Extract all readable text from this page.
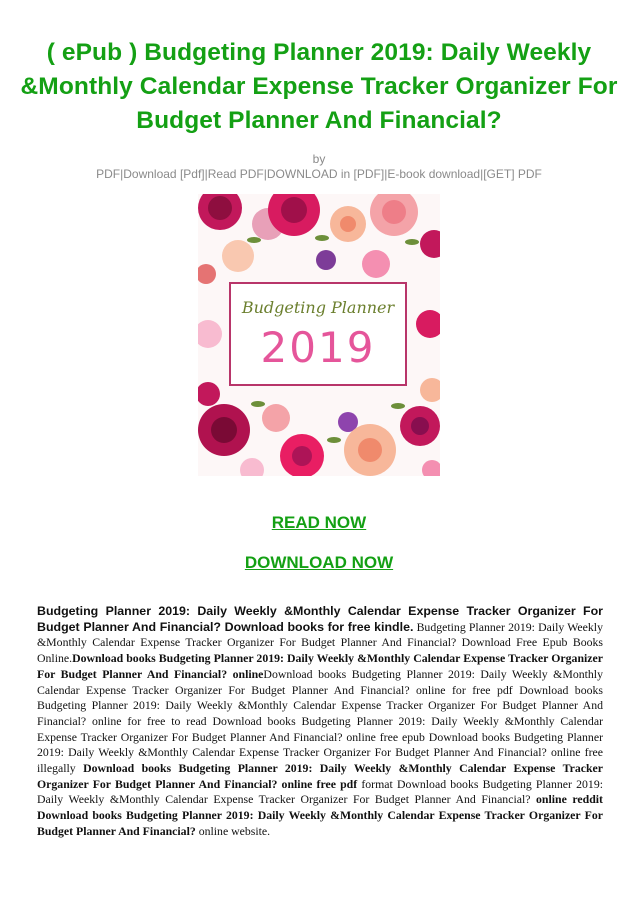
( ePub ) Budgeting Planner 2019: Daily Weekly &Monthly Calendar Expense Tracker Organizer For Budget Planner And Financial?
by
PDF|Download [Pdf]|Read PDF|DOWNLOAD in [PDF]|E-book download|[GET] PDF
Budgeting Planner
2019
READ NOW
DOWNLOAD NOW

Budgeting Planner 2019: Daily Weekly &Monthly Calendar Expense Tracker Organizer For Budget Planner And Financial? Download books for free kindle. Budgeting Planner 2019: Daily Weekly &Monthly Calendar Expense Tracker Organizer For Budget Planner And Financial? Download Free Epub Books Online.Download books Budgeting Planner 2019: Daily Weekly &Monthly Calendar Expense Tracker Organizer For Budget Planner And Financial? onlineDownload books Budgeting Planner 2019: Daily Weekly &Monthly Calendar Expense Tracker Organizer For Budget Planner And Financial? online for free pdf Download books Budgeting Planner 2019: Daily Weekly &Monthly Calendar Expense Tracker Organizer For Budget Planner And Financial? online for free to read Download books Budgeting Planner 2019: Daily Weekly &Monthly Calendar Expense Tracker Organizer For Budget Planner And Financial? online free epub Download books Budgeting Planner 2019: Daily Weekly &Monthly Calendar Expense Tracker Organizer For Budget Planner And Financial? online free illegally Download books Budgeting Planner 2019: Daily Weekly &Monthly Calendar Expense Tracker Organizer For Budget Planner And Financial? online free pdf format Download books Budgeting Planner 2019: Daily Weekly &Monthly Calendar Expense Tracker Organizer For Budget Planner And Financial? online reddit Download books Budgeting Planner 2019: Daily Weekly &Monthly Calendar Expense Tracker Organizer For Budget Planner And Financial? online website.
